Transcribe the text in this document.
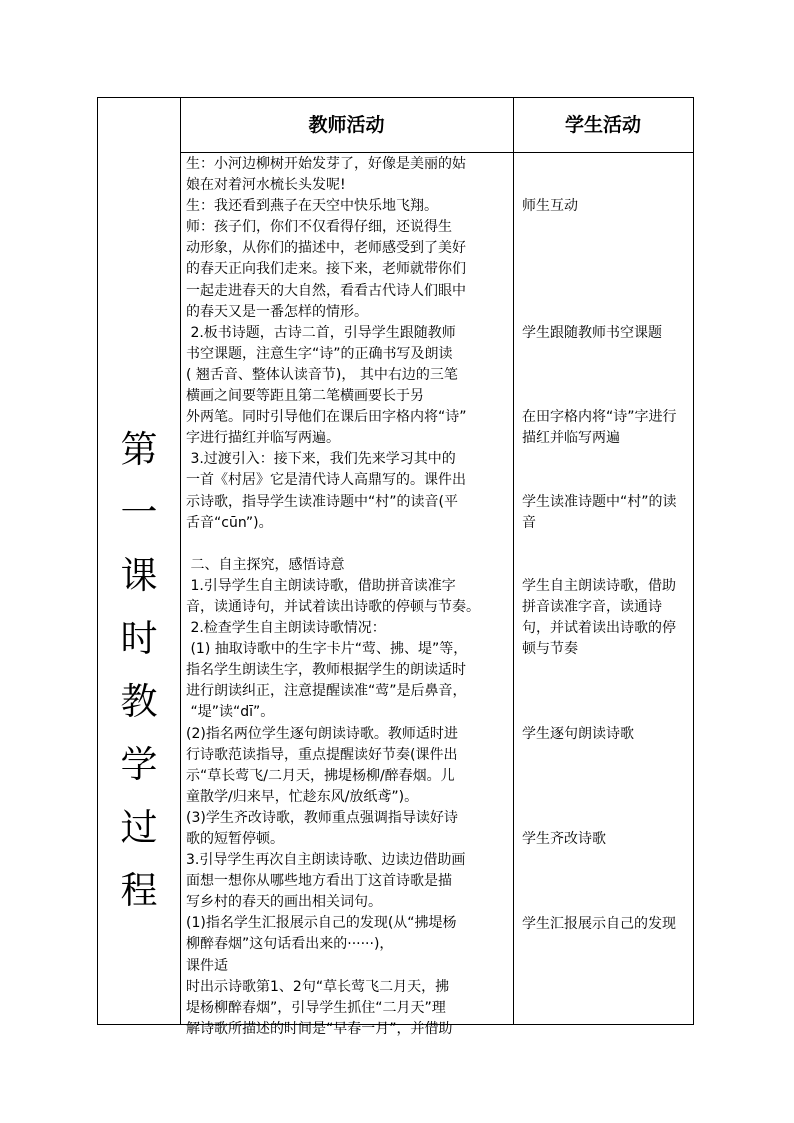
第
一
课
时
教
学
过
程
教师活动	学生活动

生：小河边柳树开始发芽了，好像是美丽的姑

娘在对着河水梳长头发呢!

生：我还看到燕子在天空中快乐地飞翔。

师：孩子们，你们不仅看得仔细，还说得生

动形象，从你们的描述中，老师感受到了美好

的春天正向我们走来。接下来，老师就带你们

一起走进春天的大自然，看看古代诗人们眼中

的春天又是一番怎样的情形。

2.板书诗题，古诗二首，引导学生跟随教师

书空课题，注意生字“诗”的正确书写及朗读

( 翘舌音、整体认读音节)， 其中右边的三笔

横画之间要等距且第二笔横画要长于另

外两笔。同时引导他们在课后田字格内将“诗”

字进行描红并临写两遍。

3.过渡引入：接下来，我们先来学习其中的

一首《村居》它是清代诗人高鼎写的。课件出

示诗歌，指导学生读准诗题中“村”的读音(平

舌音“cūn”)。

二、自主探究，感悟诗意

1.引导学生自主朗读诗歌，借助拼音读准字

音，读通诗句，并试着读出诗歌的停顿与节奏。

2.检查学生自主朗读诗歌情况：

(1) 抽取诗歌中的生字卡片“莺、拂、堤”等，

指名学生朗读生字，教师根据学生的朗读适时

进行朗读纠正，注意提醒读准“莺”是后鼻音，

“堤”读“dī”。

(2)指名两位学生逐句朗读诗歌。教师适时进

行诗歌范读指导，重点提醒读好节奏(课件出

示“草长莺飞/二月天，拂堤杨柳/醉春烟。儿

童散学/归来早，忙趁东风/放纸鸢”)。

(3)学生齐改诗歌，教师重点强调指导读好诗

歌的短暂停顿。

3.引导学生再次自主朗读诗歌、边读边借助画

面想一想你从哪些地方看出丁这首诗歌是描

写乡村的春天的画出相关词句。

(1)指名学生汇报展示自己的发现(从“拂堤杨

柳醉春烟”这句话看出来的······)，

课件适

时出示诗歌第1、2句“草长莺飞二月天，拂

堤杨柳醉春烟”，引导学生抓住“二月天”理

解诗歌所描述的时间是“早春一月”，并借助

师生互动
学生跟随教师书空课题
在田字格内将“诗”字进行描红并临写两遍
学生读准诗题中“村”的读音
学生自主朗读诗歌，借助拼音读准字音，读通诗句，并试着读出诗歌的停顿与节奏
学生逐句朗读诗歌
学生齐改诗歌
学生汇报展示自己的发现
